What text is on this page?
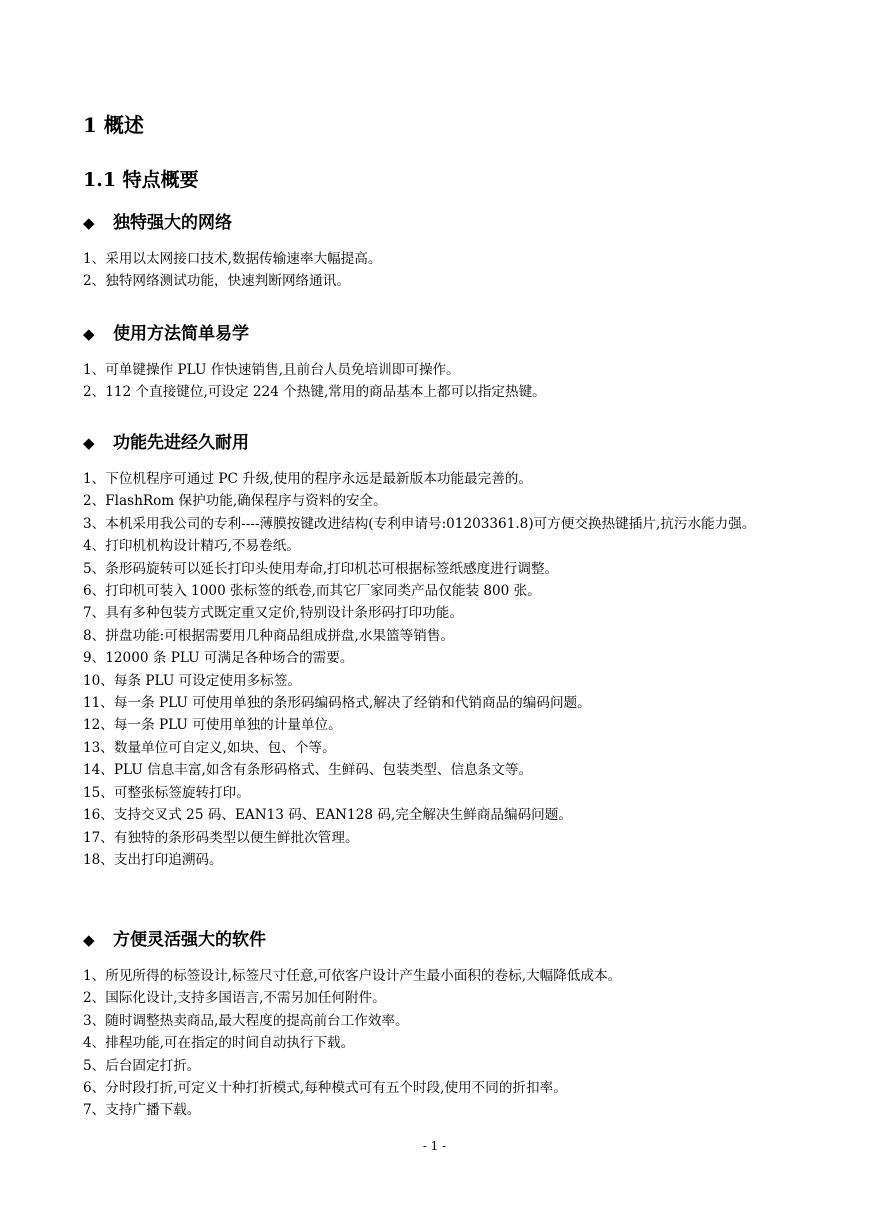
1 概述
1.1 特点概要
◆	独特强大的网络
1、采用以太网接口技术,数据传输速率大幅提高。
2、独特网络测试功能，快速判断网络通讯。
◆	使用方法简单易学
1、可单键操作 PLU 作快速销售,且前台人员免培训即可操作。
2、112 个直接键位,可设定 224 个热键,常用的商品基本上都可以指定热键。
◆	功能先进经久耐用
1、下位机程序可通过 PC 升级,使用的程序永远是最新版本功能最完善的。
2、FlashRom 保护功能,确保程序与资料的安全。
3、本机采用我公司的专利----薄膜按键改进结构(专利申请号:01203361.8)可方便交换热键插片,抗污水能力强。
4、打印机机构设计精巧,不易卷纸。
5、条形码旋转可以延长打印头使用寿命,打印机芯可根据标签纸感度进行调整。
6、打印机可装入 1000 张标签的纸卷,而其它厂家同类产品仅能装 800 张。
7、具有多种包装方式既定重又定价,特别设计条形码打印功能。
8、拼盘功能:可根据需要用几种商品组成拼盘,水果篮等销售。
9、12000 条 PLU 可满足各种场合的需要。
10、每条 PLU 可设定使用多标签。
11、每一条 PLU 可使用单独的条形码编码格式,解决了经销和代销商品的编码问题。
12、每一条 PLU 可使用单独的计量单位。
13、数量单位可自定义,如块、包、个等。
14、PLU 信息丰富,如含有条形码格式、生鲜码、包装类型、信息条文等。
15、可整张标签旋转打印。
16、支持交叉式 25 码、EAN13 码、EAN128 码,完全解决生鲜商品编码问题。
17、有独特的条形码类型以便生鲜批次管理。
18、支出打印追溯码。
◆	方便灵活强大的软件
1、所见所得的标签设计,标签尺寸任意,可依客户设计产生最小面积的卷标,大幅降低成本。
2、国际化设计,支持多国语言,不需另加任何附件。
3、随时调整热卖商品,最大程度的提高前台工作效率。
4、排程功能,可在指定的时间自动执行下载。
5、后台固定打折。
6、分时段打折,可定义十种打折模式,每种模式可有五个时段,使用不同的折扣率。
7、支持广播下载。
- 1 -
